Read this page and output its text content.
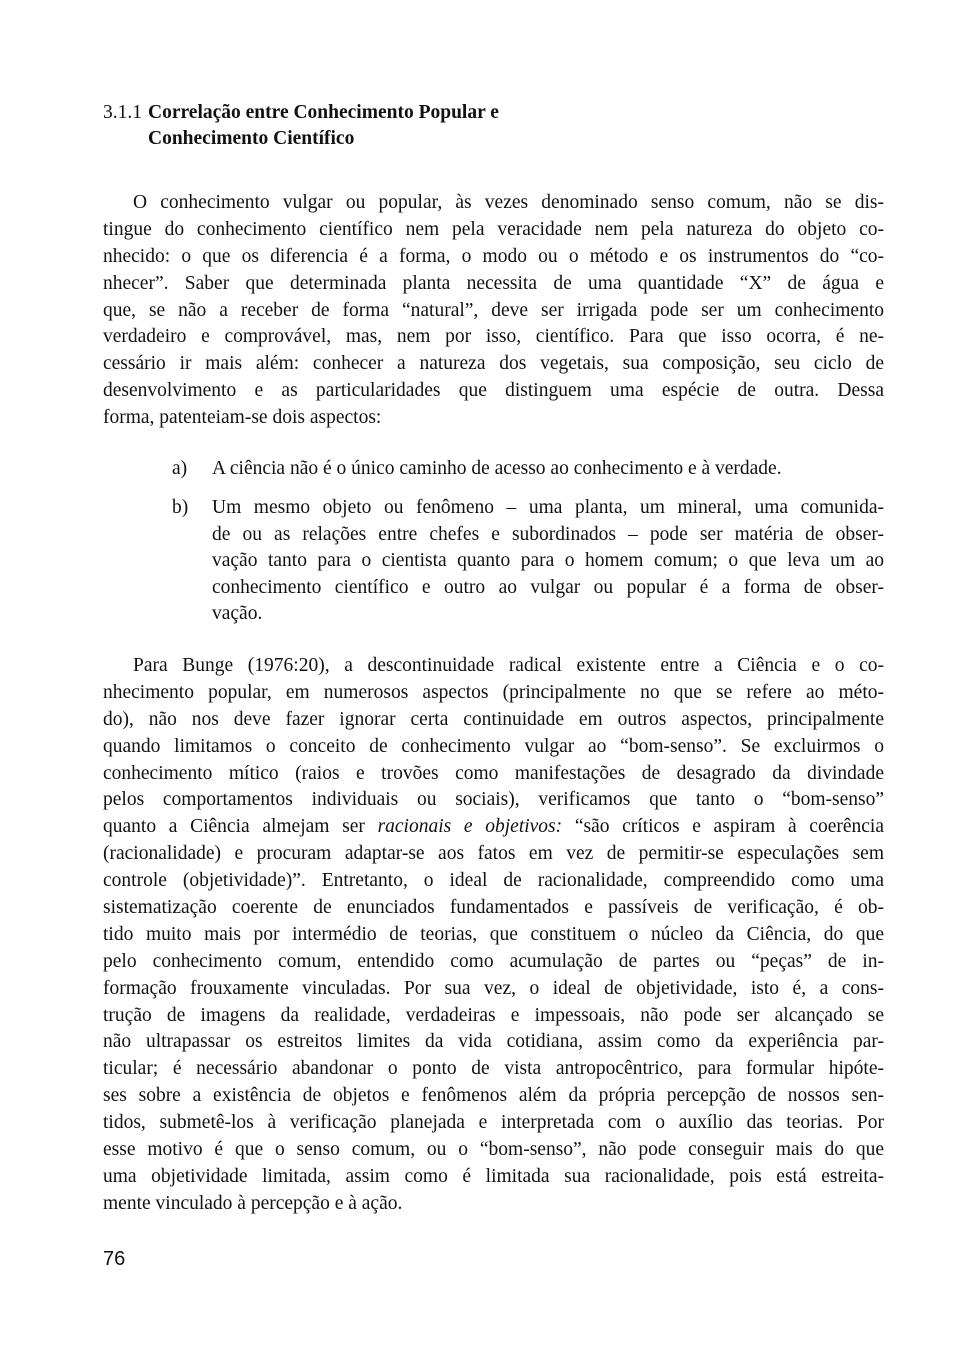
3.1.1 Correlação entre Conhecimento Popular e
Conhecimento Científico
O conhecimento vulgar ou popular, às vezes denominado senso comum, não se dis-
tingue do conhecimento científico nem pela veracidade nem pela natureza do objeto co-
nhecido: o que os diferencia é a forma, o modo ou o método e os instrumentos do “co-
nhecer”. Saber que determinada planta necessita de uma quantidade “X” de água e
que, se não a receber de forma “natural”, deve ser irrigada pode ser um conhecimento
verdadeiro e comprovável, mas, nem por isso, científico. Para que isso ocorra, é ne-
cessário ir mais além: conhecer a natureza dos vegetais, sua composição, seu ciclo de
desenvolvimento e as particularidades que distinguem uma espécie de outra. Dessa
forma, patenteiam-se dois aspectos:
a) A ciência não é o único caminho de acesso ao conhecimento e à verdade.
b) Um mesmo objeto ou fenômeno – uma planta, um mineral, uma comunida-
de ou as relações entre chefes e subordinados – pode ser matéria de obser-
vação tanto para o cientista quanto para o homem comum; o que leva um ao
conhecimento científico e outro ao vulgar ou popular é a forma de obser-
vação.
Para Bunge (1976:20), a descontinuidade radical existente entre a Ciência e o co-
nhecimento popular, em numerosos aspectos (principalmente no que se refere ao méto-
do), não nos deve fazer ignorar certa continuidade em outros aspectos, principalmente
quando limitamos o conceito de conhecimento vulgar ao “bom-senso”. Se excluirmos o
conhecimento mítico (raios e trovões como manifestações de desagrado da divindade
pelos comportamentos individuais ou sociais), verificamos que tanto o “bom-senso”
quanto a Ciência almejam ser racionais e objetivos: “são críticos e aspiram à coerência
(racionalidade) e procuram adaptar-se aos fatos em vez de permitir-se especulações sem
controle (objetividade)”. Entretanto, o ideal de racionalidade, compreendido como uma
sistematização coerente de enunciados fundamentados e passíveis de verificação, é ob-
tido muito mais por intermédio de teorias, que constituem o núcleo da Ciência, do que
pelo conhecimento comum, entendido como acumulação de partes ou “peças” de in-
formação frouxamente vinculadas. Por sua vez, o ideal de objetividade, isto é, a cons-
trução de imagens da realidade, verdadeiras e impessoais, não pode ser alcançado se
não ultrapassar os estreitos limites da vida cotidiana, assim como da experiência par-
ticular; é necessário abandonar o ponto de vista antropocêntrico, para formular hipóte-
ses sobre a existência de objetos e fenômenos além da própria percepção de nossos sen-
tidos, submetê-los à verificação planejada e interpretada com o auxílio das teorias. Por
esse motivo é que o senso comum, ou o “bom-senso”, não pode conseguir mais do que
uma objetividade limitada, assim como é limitada sua racionalidade, pois está estreita-
mente vinculado à percepção e à ação.
76
